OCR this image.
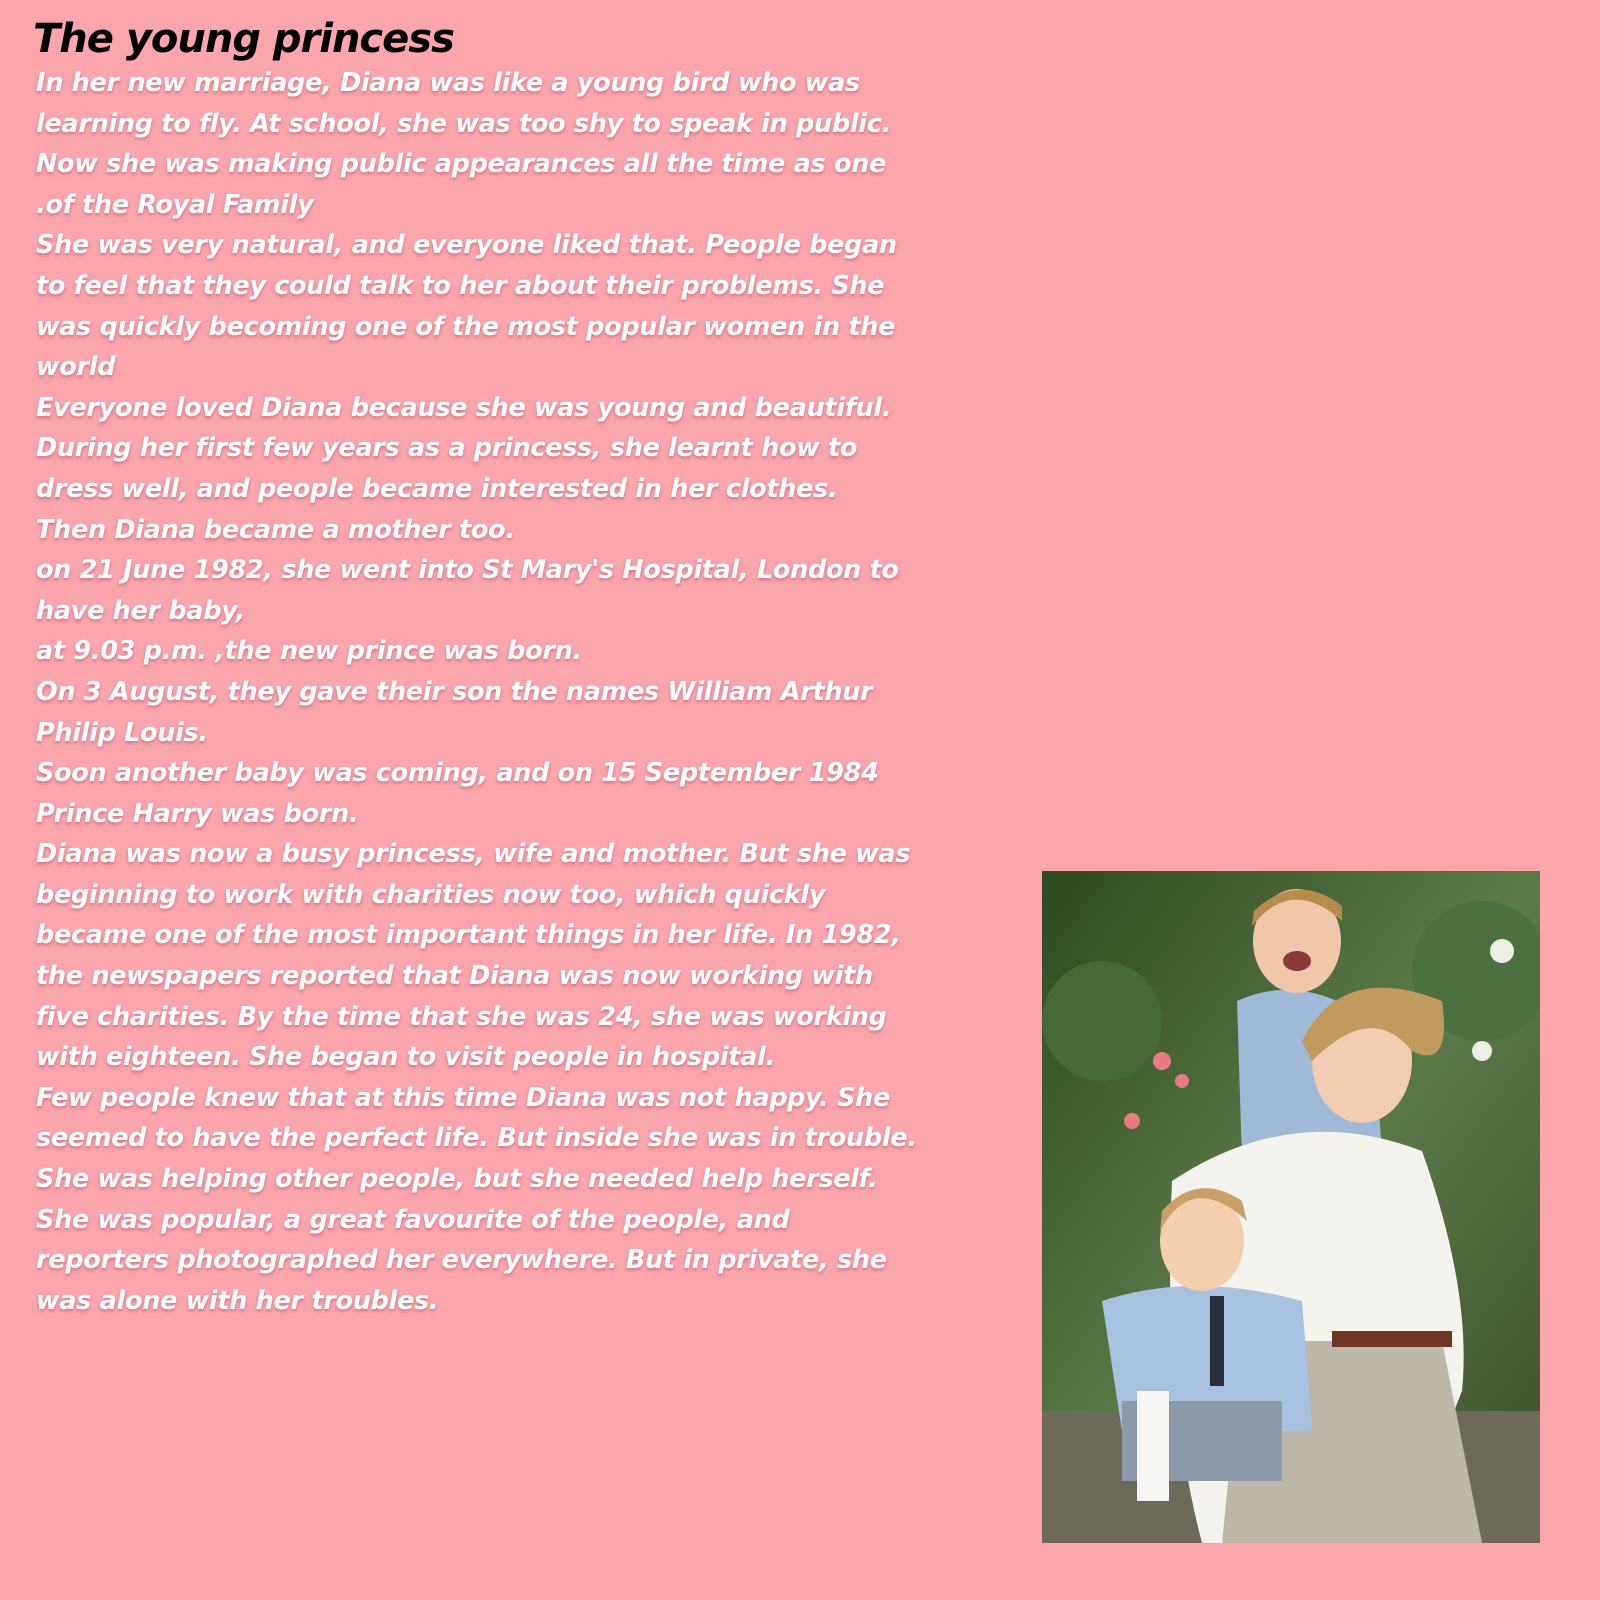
The young princess
In her new marriage, Diana was like a young bird who was
learning to fly. At school, she was too shy to speak in public.
Now she was making public appearances all the time as one
.of the Royal Family
She was very natural, and everyone liked that. People began
to feel that they could talk to her about their problems. She
was quickly becoming one of the most popular women in the
world
Everyone loved Diana because she was young and beautiful.
During her first few years as a princess, she learnt how to
dress well, and people became interested in her clothes.
Then Diana became a mother too.
on 21 June 1982, she went into St Mary's Hospital, London to
have her baby,
at 9.03 p.m. ,the new prince was born.
On 3 August, they gave their son the names William Arthur
Philip Louis.
Soon another baby was coming, and on 15 September 1984
Prince Harry was born.
Diana was now a busy princess, wife and mother. But she was
beginning to work with charities now too, which quickly
became one of the most important things in her life. In 1982,
the newspapers reported that Diana was now working with
five charities. By the time that she was 24, she was working
with eighteen. She began to visit people in hospital.
Few people knew that at this time Diana was not happy. She
seemed to have the perfect life. But inside she was in trouble.
She was helping other people, but she needed help herself.
She was popular, a great favourite of the people, and
reporters photographed her everywhere. But in private, she
was alone with her troubles.
